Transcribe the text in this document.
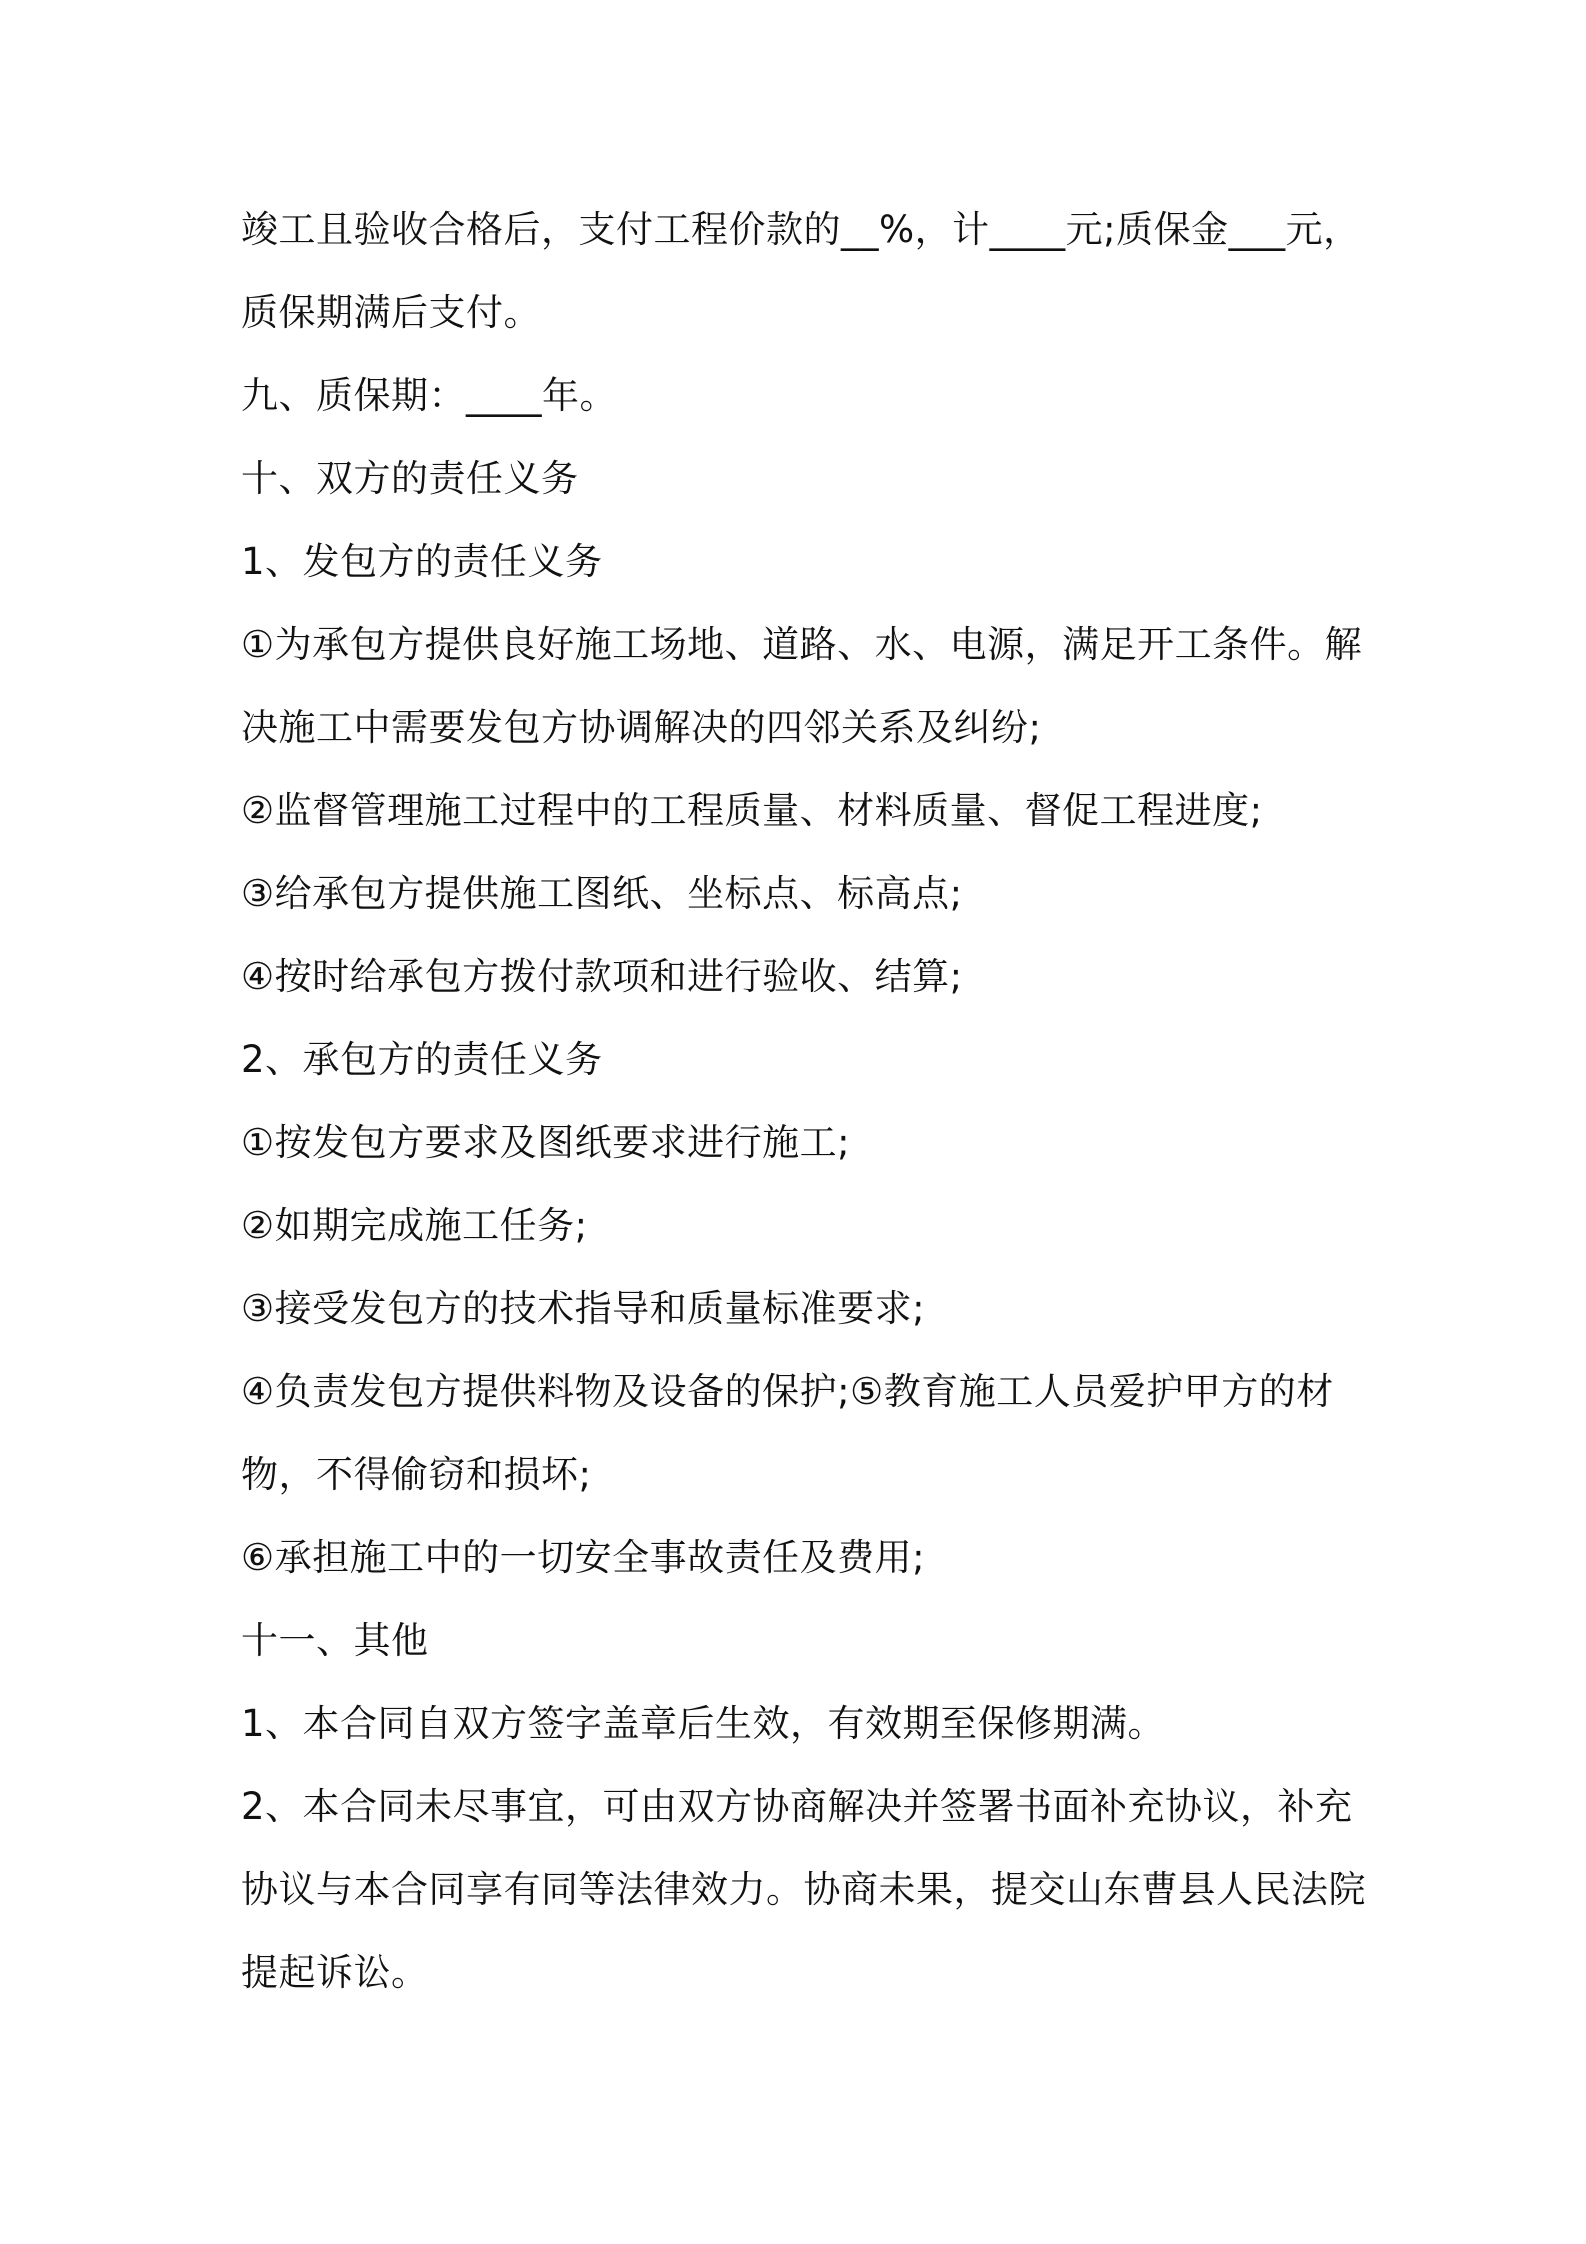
竣工且验收合格后，支付工程价款的__%，计____元;质保金___元，
质保期满后支付。
九、质保期：____年。
十、双方的责任义务
1、发包方的责任义务
①为承包方提供良好施工场地、道路、水、电源，满足开工条件。解
决施工中需要发包方协调解决的四邻关系及纠纷;
②监督管理施工过程中的工程质量、材料质量、督促工程进度;
③给承包方提供施工图纸、坐标点、标高点;
④按时给承包方拨付款项和进行验收、结算;
2、承包方的责任义务
①按发包方要求及图纸要求进行施工;
②如期完成施工任务;
③接受发包方的技术指导和质量标准要求;
④负责发包方提供料物及设备的保护;⑤教育施工人员爱护甲方的材
物，不得偷窃和损坏;
⑥承担施工中的一切安全事故责任及费用;
十一、其他
1、本合同自双方签字盖章后生效，有效期至保修期满。
2、本合同未尽事宜，可由双方协商解决并签署书面补充协议，补充
协议与本合同享有同等法律效力。协商未果，提交山东曹县人民法院
提起诉讼。
